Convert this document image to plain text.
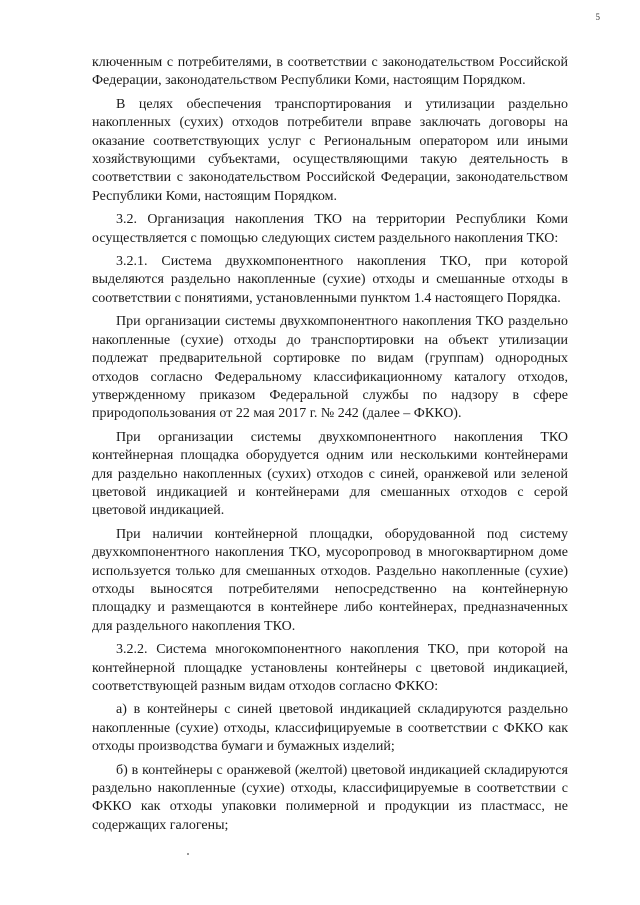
5

ключенным с потребителями, в соответствии с законодательством Российской Федерации, законодательством Республики Коми, настоящим Порядком.

В целях обеспечения транспортирования и утилизации раздельно накопленных (сухих) отходов потребители вправе заключать договоры на оказание соответствующих услуг с Региональным оператором или иными хозяйствующими субъектами, осуществляющими такую деятельность в соответствии с законодательством Российской Федерации, законодательством Республики Коми, настоящим Порядком.

3.2. Организация накопления ТКО на территории Республики Коми осуществляется с помощью следующих систем раздельного накопления ТКО:

3.2.1. Система двухкомпонентного накопления ТКО, при которой выделяются раздельно накопленные (сухие) отходы и смешанные отходы в соответствии с понятиями, установленными пунктом 1.4 настоящего Порядка.

При организации системы двухкомпонентного накопления ТКО раздельно накопленные (сухие) отходы до транспортировки на объект утилизации подлежат предварительной сортировке по видам (группам) однородных отходов согласно Федеральному классификационному каталогу отходов, утвержденному приказом Федеральной службы по надзору в сфере природопользования от 22 мая 2017 г. № 242 (далее – ФККО).

При организации системы двухкомпонентного накопления ТКО контейнерная площадка оборудуется одним или несколькими контейнерами для раздельно накопленных (сухих) отходов с синей, оранжевой или зеленой цветовой индикацией и контейнерами для смешанных отходов с серой цветовой индикацией.

При наличии контейнерной площадки, оборудованной под систему двухкомпонентного накопления ТКО, мусоропровод в многоквартирном доме используется только для смешанных отходов. Раздельно накопленные (сухие) отходы выносятся потребителями непосредственно на контейнерную площадку и размещаются в контейнере либо контейнерах, предназначенных для раздельного накопления ТКО.

3.2.2. Система многокомпонентного накопления ТКО, при которой на контейнерной площадке установлены контейнеры с цветовой индикацией, соответствующей разным видам отходов согласно ФККО:

а) в контейнеры с синей цветовой индикацией складируются раздельно накопленные (сухие) отходы, классифицируемые в соответствии с ФККО как отходы производства бумаги и бумажных изделий;

б) в контейнеры с оранжевой (желтой) цветовой индикацией складируются раздельно накопленные (сухие) отходы, классифицируемые в соответствии с ФККО как отходы упаковки полимерной и продукции из пластмасс, не содержащих галогены;
